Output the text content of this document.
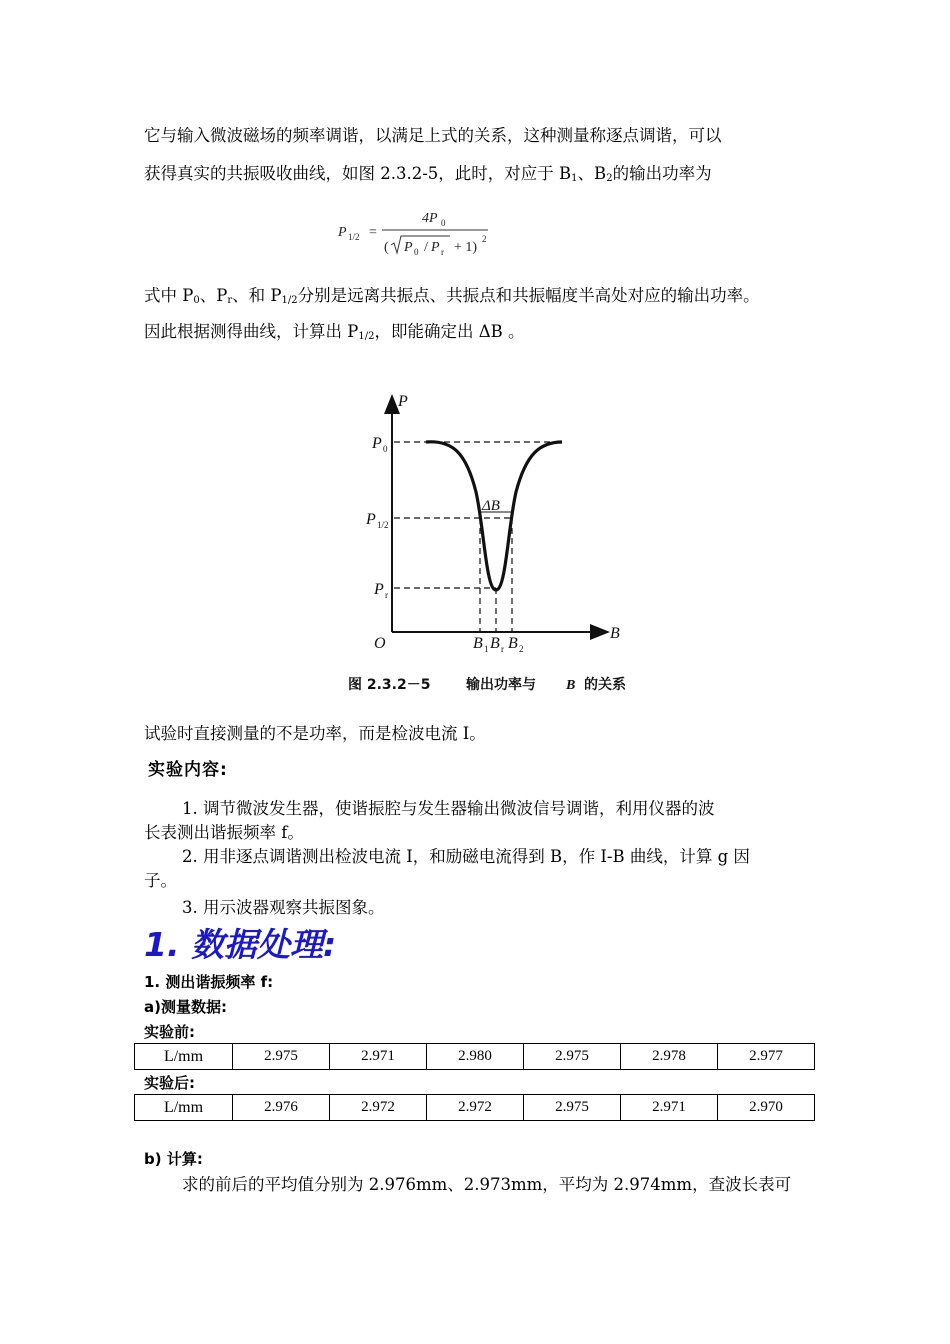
它与输入微波磁场的频率调谐，以满足上式的关系，这种测量称逐点调谐，可以
获得真实的共振吸收曲线，如图 2.3.2-5，此时，对应于 $B_1$、$B_2$的输出功率为
P 1/2 =
4P 0
( P 0 / P r + 1)
2
式中 $P_0$、$P_r$、和 $P_{1/2}$分别是远离共振点、共振点和共振幅度半高处对应的输出功率。
因此根据测得曲线，计算出 $P_{1/2}$，即能确定出 ΔB 。
P
B
O
P 0
P 1/2
P r
ΔB
B 1 B r B 2
图 2.3.2－5	输出功率与 B 的关系
试验时直接测量的不是功率，而是检波电流 I。
实验内容:
1. 调节微波发生器，使谐振腔与发生器输出微波信号调谐，利用仪器的波
长表测出谐振频率 f。
2. 用非逐点调谐测出检波电流 I，和励磁电流得到 B，作 I-B 曲线，计算 g 因
子。
3. 用示波器观察共振图象。
1. 数据处理:
1. 测出谐振频率 f:
a)测量数据:
实验前:
L/mm	2.975	2.971	2.980	2.975	2.978	2.977
实验后:
L/mm	2.976	2.972	2.972	2.975	2.971	2.970
b) 计算:
求的前后的平均值分别为 2.976mm、2.973mm，平均为 2.974mm，查波长表可
